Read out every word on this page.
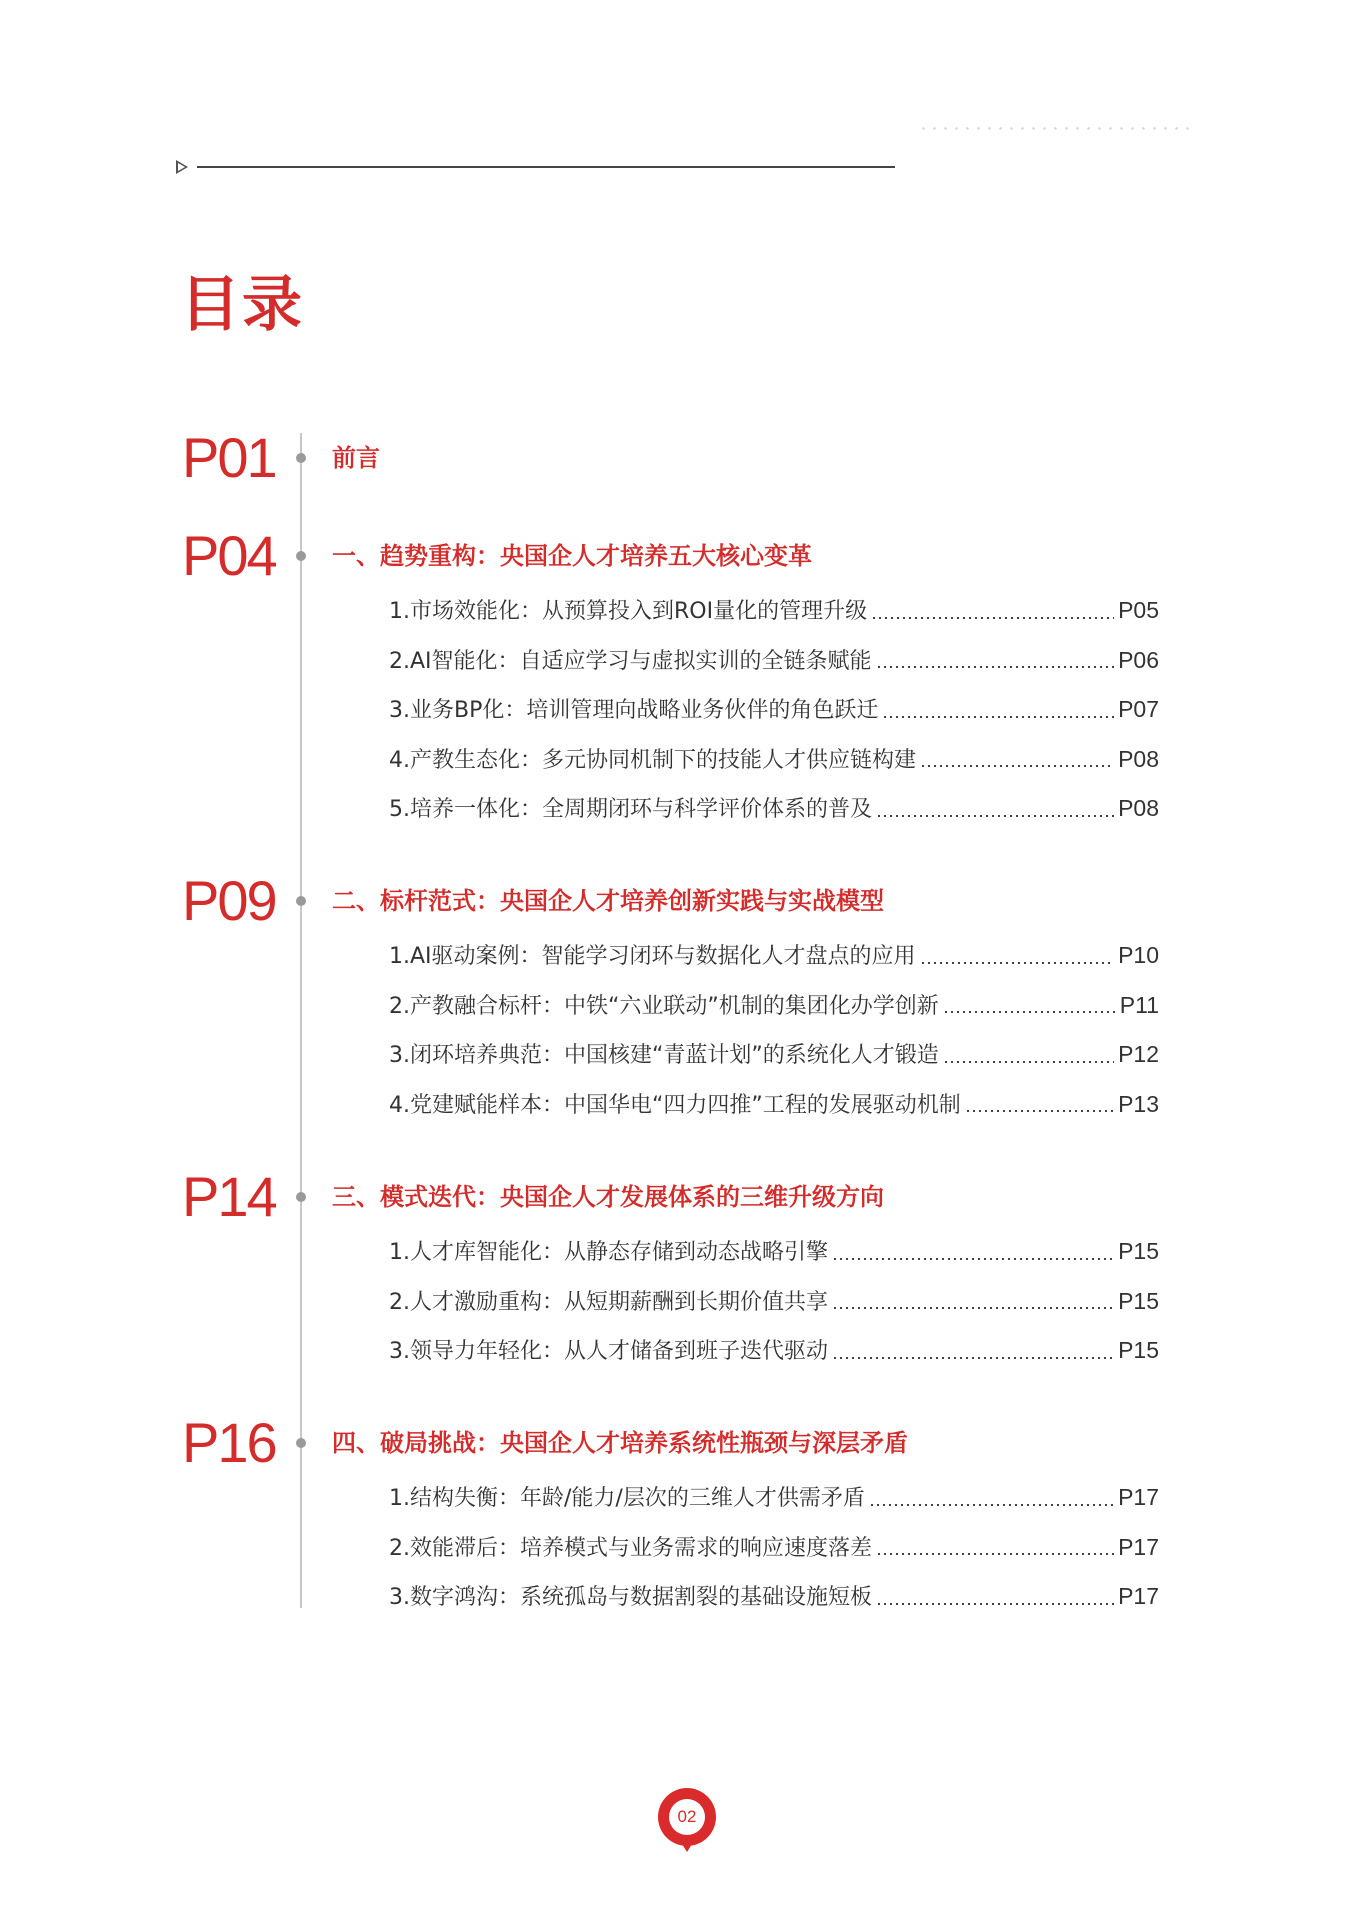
目录
P01 前言
P04 一、趋势重构：央国企人才培养五大核心变革
1.市场效能化：从预算投入到ROI量化的管理升级	P05
2.AI智能化：自适应学习与虚拟实训的全链条赋能	P06
3.业务BP化：培训管理向战略业务伙伴的角色跃迁	P07
4.产教生态化：多元协同机制下的技能人才供应链构建	P08
5.培养一体化：全周期闭环与科学评价体系的普及	P08
P09 二、标杆范式：央国企人才培养创新实践与实战模型
1.AI驱动案例：智能学习闭环与数据化人才盘点的应用	P10
2.产教融合标杆：中铁“六业联动”机制的集团化办学创新	P11
3.闭环培养典范：中国核建“青蓝计划”的系统化人才锻造	P12
4.党建赋能样本：中国华电“四力四推”工程的发展驱动机制	P13
P14 三、模式迭代：央国企人才发展体系的三维升级方向
1.人才库智能化：从静态存储到动态战略引擎	P15
2.人才激励重构：从短期薪酬到长期价值共享	P15
3.领导力年轻化：从人才储备到班子迭代驱动	P15
P16 四、破局挑战：央国企人才培养系统性瓶颈与深层矛盾
1.结构失衡：年龄/能力/层次的三维人才供需矛盾	P17
2.效能滞后：培养模式与业务需求的响应速度落差	P17
3.数字鸿沟：系统孤岛与数据割裂的基础设施短板	P17
02
